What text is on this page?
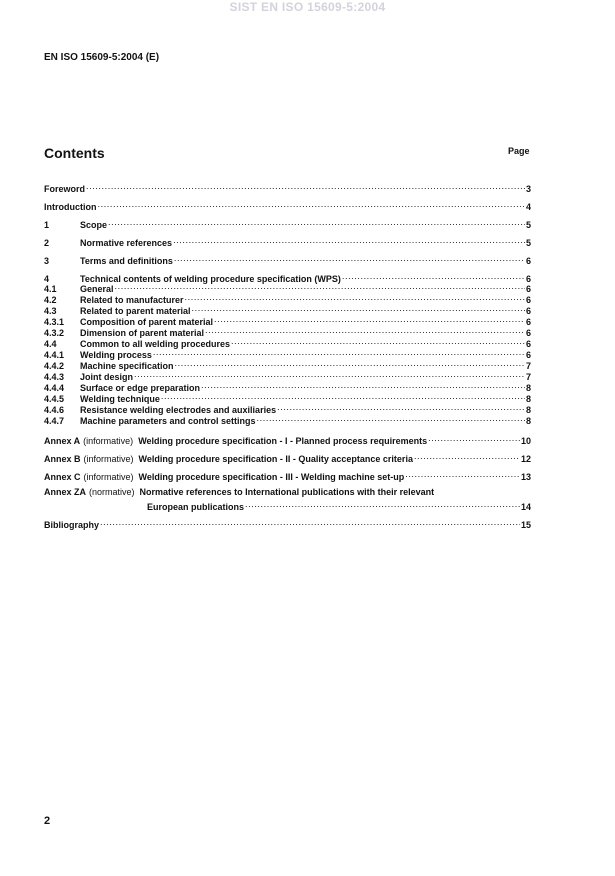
SIST EN ISO 15609-5:2004
EN ISO 15609-5:2004 (E)
Contents	Page
Foreword .....	3
Introduction .....	4
1	Scope .....	5
2	Normative references .....	5
3	Terms and definitions .....	6
4	Technical contents of welding procedure specification (WPS) .....	6
4.1	General .....	6
4.2	Related to manufacturer .....	6
4.3	Related to parent material .....	6
4.3.1	Composition of parent material .....	6
4.3.2	Dimension of parent material .....	6
4.4	Common to all welding procedures .....	6
4.4.1	Welding process .....	6
4.4.2	Machine specification .....	7
4.4.3	Joint design .....	7
4.4.4	Surface or edge preparation .....	8
4.4.5	Welding technique .....	8
4.4.6	Resistance welding electrodes and auxiliaries .....	8
4.4.7	Machine parameters and control settings .....	8
Annex A (informative) Welding procedure specification - I - Planned process requirements .....	10
Annex B (informative) Welding procedure specification - II - Quality acceptance criteria .....	12
Annex C (informative) Welding procedure specification - III - Welding machine set-up .....	13
Annex ZA (normative) Normative references to International publications with their relevant
European publications .....	14
Bibliography .....	15
2
